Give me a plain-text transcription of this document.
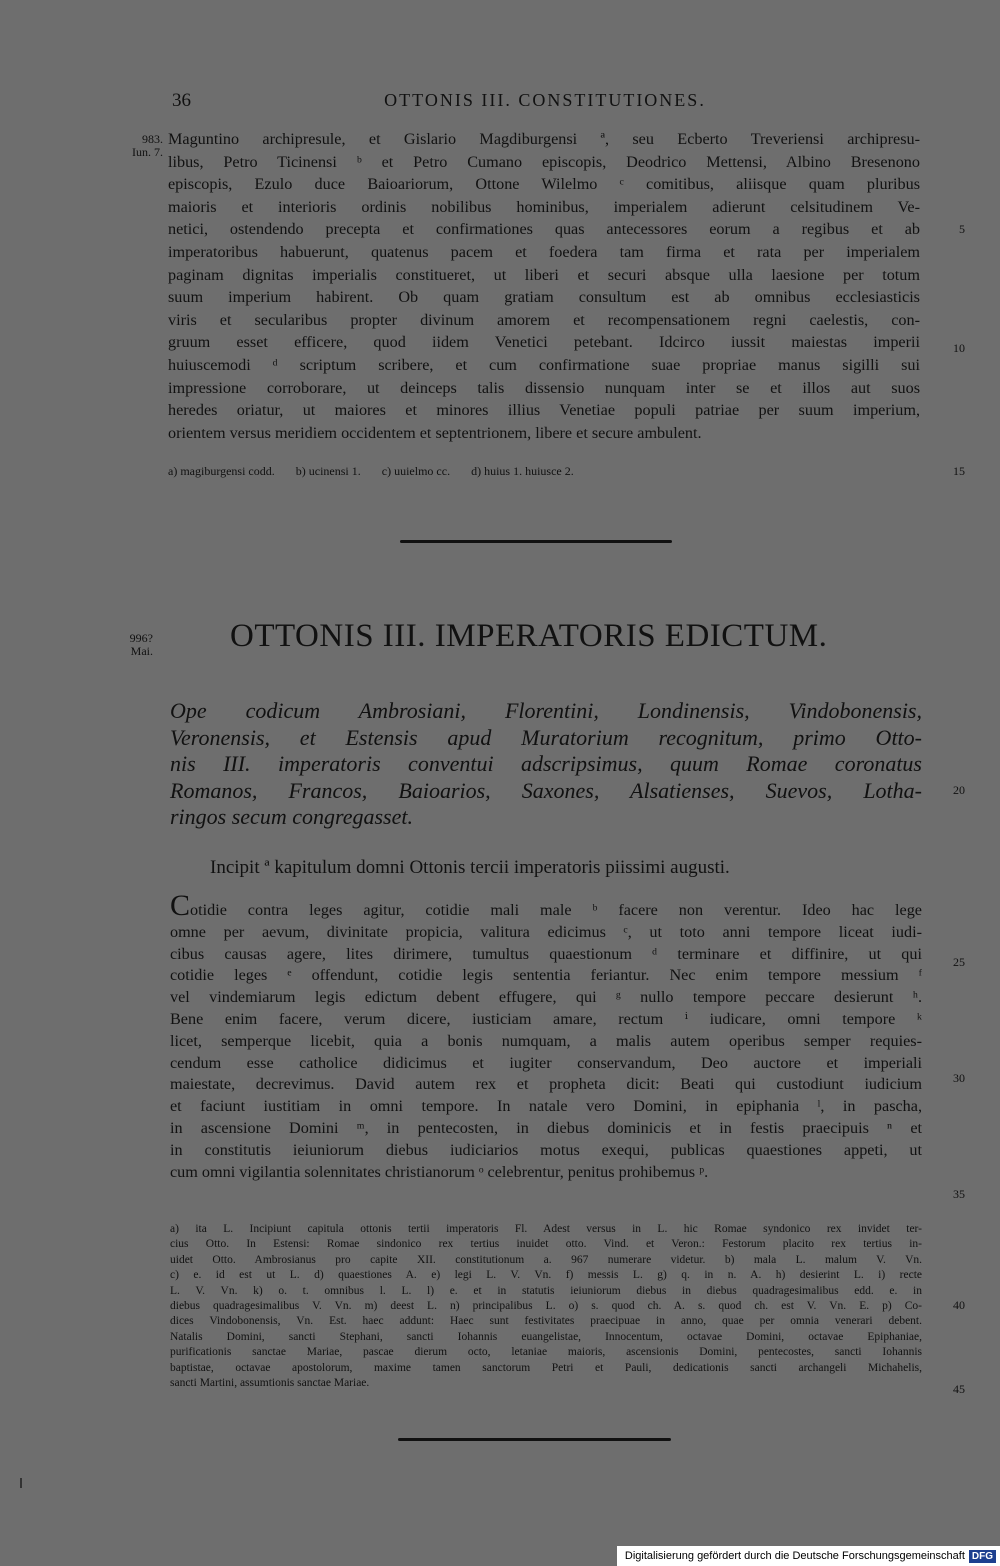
36	OTTONIS III. CONSTITUTIONES.
983.
Iun. 7.
Maguntino archipresule, et Gislario Magdiburgensi ª, seu Ecberto Treveriensi archipresu-
libus, Petro Ticinensi ᵇ et Petro Cumano episcopis, Deodrico Mettensi, Albino Bresenono
episcopis, Ezulo duce Baioariorum, Ottone Wilelmo ᶜ comitibus, aliisque quam pluribus
maioris et interioris ordinis nobilibus hominibus, imperialem adierunt celsitudinem Ve-
netici, ostendendo precepta et confirmationes quas antecessores eorum a regibus et ab
imperatoribus habuerunt, quatenus pacem et foedera tam firma et rata per imperialem
paginam dignitas imperialis constitueret, ut liberi et securi absque ulla laesione per totum
suum imperium habirent. Ob quam gratiam consultum est ab omnibus ecclesiasticis
viris et secularibus propter divinum amorem et recompensationem regni caelestis, con-
gruum esset efficere, quod iidem Venetici petebant. Idcirco iussit maiestas imperii
huiuscemodi ᵈ scriptum scribere, et cum confirmatione suae propriae manus sigilli sui
impressione corroborare, ut deinceps talis dissensio nunquam inter se et illos aut suos
heredes oriatur, ut maiores et minores illius Venetiae populi patriae per suum imperium,
orientem versus meridiem occidentem et septentrionem, libere et secure ambulent.
5
10
15
a) magiburgensi codd. b) ucinensi 1. c) uuielmo cc. d) huius 1. huiusce 2.
996?
Mai. OTTONIS III. IMPERATORIS EDICTUM.
Ope codicum Ambrosiani, Florentini, Londinensis, Vindobonensis,
Veronensis, et Estensis apud Muratorium recognitum, primo Otto-
nis III. imperatoris conventui adscripsimus, quum Romae coronatus
Romanos, Francos, Baioarios, Saxones, Alsatienses, Suevos, Lotha-
ringos secum congregasset.
20
Incipit ª kapitulum domni Ottonis tercii imperatoris piissimi augusti.
Cotidie contra leges agitur, cotidie mali male ᵇ facere non verentur. Ideo hac lege
omne per aevum, divinitate propicia, valitura edicimus ᶜ, ut toto anni tempore liceat iudi-
cibus causas agere, lites dirimere, tumultus quaestionum ᵈ terminare et diffinire, ut qui
cotidie leges ᵉ offendunt, cotidie legis sententia feriantur. Nec enim tempore messium ᶠ
vel vindemiarum legis edictum debent effugere, qui ᵍ nullo tempore peccare desierunt ʰ.
Bene enim facere, verum dicere, iusticiam amare, rectum ⁱ iudicare, omni tempore ᵏ
licet, semperque licebit, quia a bonis numquam, a malis autem operibus semper requies-
cendum esse catholice didicimus et iugiter conservandum, Deo auctore et imperiali
maiestate, decrevimus. David autem rex et propheta dicit: Beati qui custodiunt iudicium
et faciunt iustitiam in omni tempore. In natale vero Domini, in epiphania ˡ, in pascha,
in ascensione Domini ᵐ, in pentecosten, in diebus dominicis et in festis praecipuis ⁿ et
in constitutis ieiuniorum diebus iudiciarios motus exequi, publicas quaestiones appeti, ut
cum omni vigilantia solennitates christianorum ᵒ celebrentur, penitus prohibemus ᵖ.
25
30
35
a) ita L. Incipiunt capitula ottonis tertii imperatoris Fl. Adest versus in L. hic Romae syndonico rex invidet ter-
cius Otto. In Estensi: Romae sindonico rex tertius inuidet otto. Vind. et Veron.: Festorum placito rex tertius in-
uidet Otto. Ambrosianus pro capite XII. constitutionum a. 967 numerare videtur. b) mala L. malum V. Vn.
c) e. id est ut L. d) quaestiones A. e) legi L. V. Vn. f) messis L. g) q. in n. A. h) desierint L. i) recte
L. V. Vn. k) o. t. omnibus l. L. l) e. et in statutis ieiuniorum diebus in diebus quadragesimalibus edd. e. in
diebus quadragesimalibus V. Vn. m) deest L. n) principalibus L. o) s. quod ch. A. s. quod ch. est V. Vn. E. p) Co-
dices Vindobonensis, Vn. Est. haec addunt: Haec sunt festivitates praecipuae in anno, quae per omnia venerari debent.
Natalis Domini, sancti Stephani, sancti Iohannis euangelistae, Innocentum, octavae Domini, octavae Epiphaniae,
purificationis sanctae Mariae, pascae dierum octo, letaniae maioris, ascensionis Domini, pentecostes, sancti Iohannis
baptistae, octavae apostolorum, maxime tamen sanctorum Petri et Pauli, dedicationis sancti archangeli Michahelis,
sancti Martini, assumtionis sanctae Mariae.
40
45
Digitalisierung gefördert durch die Deutsche Forschungsgemeinschaft DFG
